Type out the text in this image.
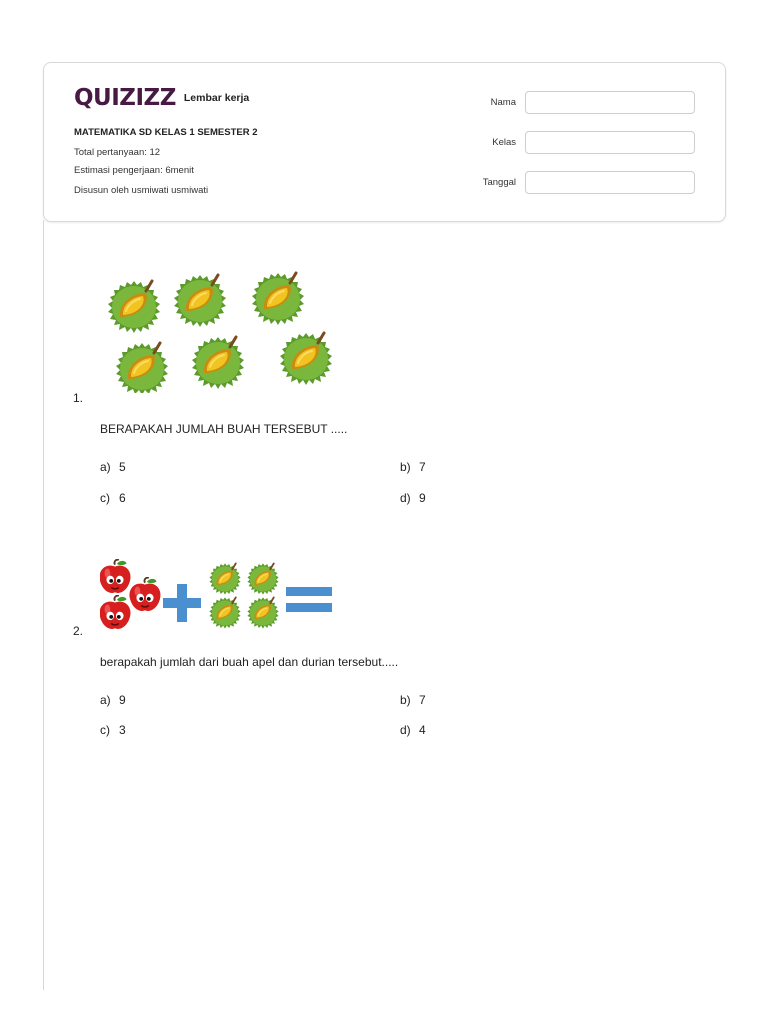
QUIZIZZ Lembar kerja
MATEMATIKA SD KELAS 1 SEMESTER 2
Total pertanyaan: 12
Estimasi pengerjaan: 6menit
Disusun oleh usmiwati usmiwati
Nama
Kelas
Tanggal
1.
BERAPAKAH JUMLAH BUAH TERSEBUT .....
a) 5	b) 7
c) 6	d) 9
2.
berapakah jumlah dari buah apel dan durian tersebut.....
a) 9	b) 7
c) 3	d) 4
